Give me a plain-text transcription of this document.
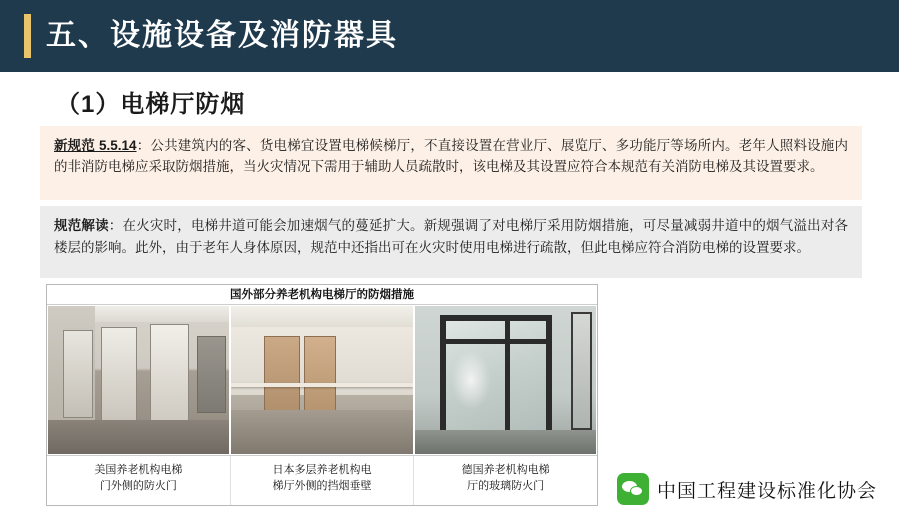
五、设施设备及消防器具
（1）电梯厅防烟
新规范 5.5.14：公共建筑内的客、货电梯宜设置电梯候梯厅，不直接设置在营业厅、展览厅、多功能厅等场所内。老年人照料设施内的非消防电梯应采取防烟措施，当火灾情况下需用于辅助人员疏散时，该电梯及其设置应符合本规范有关消防电梯及其设置要求。
规范解读：在火灾时，电梯井道可能会加速烟气的蔓延扩大。新规强调了对电梯厅采用防烟措施，可尽量减弱井道中的烟气溢出对各楼层的影响。此外，由于老年人身体原因，规范中还指出可在火灾时使用电梯进行疏散，但此电梯应符合消防电梯的设置要求。
国外部分养老机构电梯厅的防烟措施
美国养老机构电梯
门外侧的防火门
日本多层养老机构电
梯厅外侧的挡烟垂壁
德国养老机构电梯
厅的玻璃防火门	中国工程建设标准化协会
